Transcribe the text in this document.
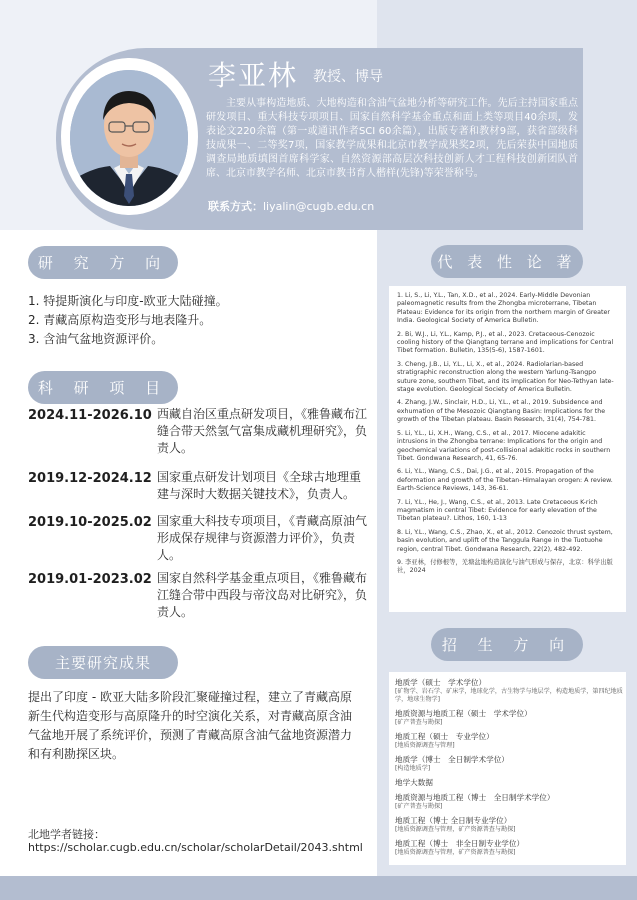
李亚林 教授、博导
主要从事构造地质、大地构造和含油气盆地分析等研究工作。先后主持国家重点研发项目、重大科技专项项目、国家自然科学基金重点和面上类等项目40余项，发表论文220余篇（第一或通讯作者SCI 60余篇），出版专著和教材9部，获省部级科技成果一、二等奖7项，国家教学成果和北京市教学成果奖2项，先后荣获中国地质调查局地质填图首席科学家、自然资源部高层次科技创新人才工程科技创新团队首席、北京市教学名师、北京市教书育人楷样(先锋)等荣誉称号。
联系方式：liyalin@cugb.edu.cn
研 究 方 向
1. 特提斯演化与印度-欧亚大陆碰撞。
2. 青藏高原构造变形与地表隆升。
3. 含油气盆地资源评价。
科 研 项 目
2024.11-2026.10 西藏自治区重点研发项目，《雅鲁藏布江缝合带天然氢气富集成藏机理研究》，负责人。
2019.12-2024.12 国家重点研发计划项目《全球古地理重建与深时大数据关键技术》，负责人。
2019.10-2025.02 国家重大科技专项项目，《青藏高原油气形成保存规律与资源潜力评价》，负责人。
2019.01-2023.02 国家自然科学基金重点项目，《雅鲁藏布江缝合带中西段与帝汶岛对比研究》，负责人。
主要研究成果
提出了印度 - 欧亚大陆多阶段汇聚碰撞过程，建立了青藏高原新生代构造变形与高原隆升的时空演化关系，对青藏高原含油气盆地开展了系统评价，预测了青藏高原含油气盆地资源潜力和有利勘探区块。
北地学者链接：
https://scholar.cugb.edu.cn/scholar/scholarDetail/2043.shtml
代 表 性 论 著
1. Li, S., Li, Y.L., Tan, X.D., et al., 2024. Early-Middle Devonian paleomagnetic results from the Zhongba microterrane, Tibetan Plateau: Evidence for its origin from the northern margin of Greater India. Geological Society of America Bulletin.
2. Bi, W.J., Li, Y.L., Kamp, P.J., et al., 2023. Cretaceous-Cenozoic cooling history of the Qiangtang terrane and implications for Central Tibet formation. Bulletin, 135(5-6), 1587-1601.
3. Cheng, J.B., Li, Y.L., Li, X., et al., 2024. Radiolarian-based stratigraphic reconstruction along the western Yarlung-Tsangpo suture zone, southern Tibet, and its implication for Neo-Tethyan late-stage evolution. Geological Society of America Bulletin.
4. Zhang, J.W., Sinclair, H.D., Li, Y.L., et al., 2019. Subsidence and exhumation of the Mesozoic Qiangtang Basin: Implications for the growth of the Tibetan plateau. Basin Research, 31(4), 754-781.
5. Li, Y.L., Li, X.H., Wang, C.S., et al., 2017. Miocene adakitic intrusions in the Zhongba terrane: Implications for the origin and geochemical variations of post-collisional adakitic rocks in southern Tibet. Gondwana Research, 41, 65-76.
6. Li, Y.L., Wang, C.S., Dai, J.G., et al., 2015. Propagation of the deformation and growth of the Tibetan–Himalayan orogen: A review. Earth-Science Reviews, 143, 36-61.
7. Li, Y.L., He, J., Wang, C.S., et al., 2013. Late Cretaceous K-rich magmatism in central Tibet: Evidence for early elevation of the Tibetan plateau?. Lithos, 160, 1-13
8. Li, Y.L., Wang, C.S., Zhao, X., et al., 2012. Cenozoic thrust system, basin evolution, and uplift of the Tanggula Range in the Tuotuohe region, central Tibet. Gondwana Research, 22(2), 482-492.
9. 李亚林，付修根等，羌塘盆地构造演化与油气形成与保存，北京：科学出版社，2024
招 生 方 向
地质学（硕士　学术学位）
[矿物学、岩石学、矿床学，地球化学，古生物学与地层学，构造地质学，第四纪地质学，地球生物学]
地质资源与地质工程（硕士　学术学位）
[矿产普查与勘探]
地质工程（硕士　专业学位）
[地质资源调查与管理]
地质学（博士　全日制学术学位）
[构造地质学]
地学大数据
地质资源与地质工程（博士　全日制学术学位）
[矿产普查与勘探]
地质工程（博士 全日制专业学位）
[地质资源调查与管理，矿产资源普查与勘探]
地质工程（博士　非全日制专业学位）
[地质资源调查与管理，矿产资源普查与勘探]
